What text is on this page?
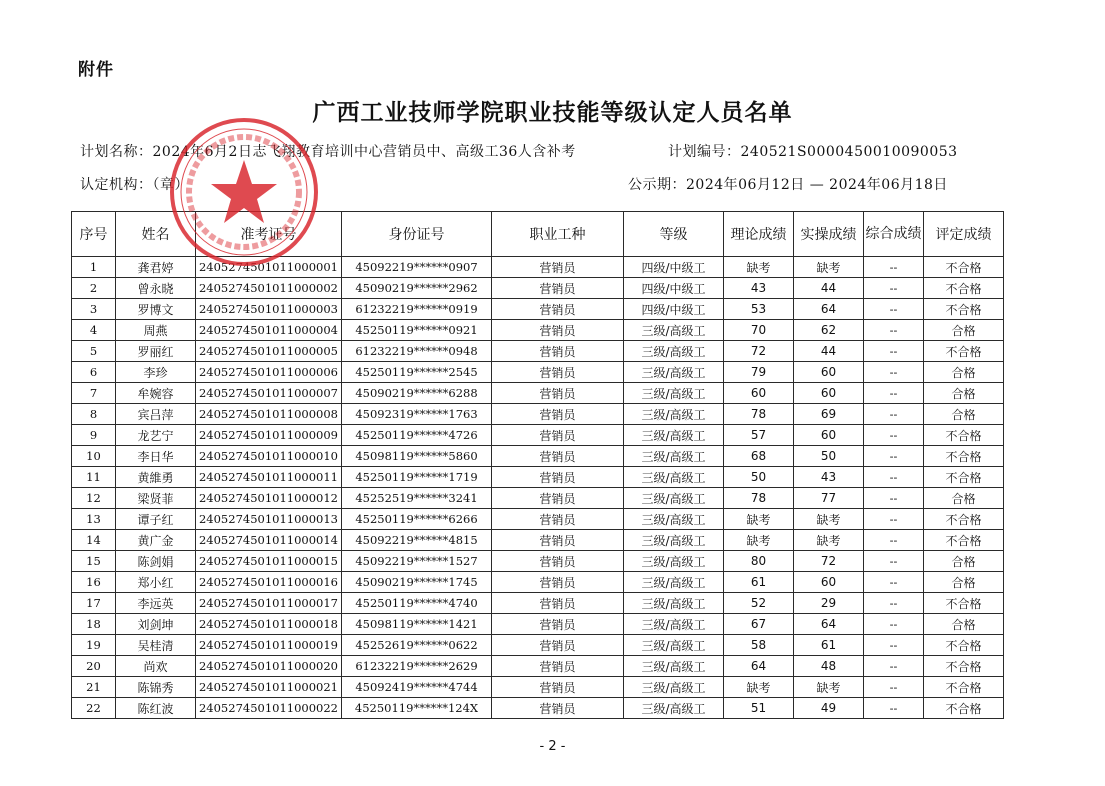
附件
广西工业技师学院职业技能等级认定人员名单
计划名称：2024年6月2日志飞翔教育培训中心营销员中、高级工36人含补考	计划编号：240521S0000450010090053
认定机构：（章）	公示期：2024年06月12日 — 2024年06月18日
序号	姓名	准考证号	身份证号	职业工种	等级	理论成绩	实操成绩	综合成绩	评定成绩
1	龚君婷	2405274501011000001	45092219******0907	营销员	四级/中级工	缺考	缺考	--	不合格
2	曾永晓	2405274501011000002	45090219******2962	营销员	四级/中级工	43	44	--	不合格
3	罗博文	2405274501011000003	61232219******0919	营销员	四级/中级工	53	64	--	不合格
4	周燕	2405274501011000004	45250119******0921	营销员	三级/高级工	70	62	--	合格
5	罗丽红	2405274501011000005	61232219******0948	营销员	三级/高级工	72	44	--	不合格
6	李珍	2405274501011000006	45250119******2545	营销员	三级/高级工	79	60	--	合格
7	牟婉容	2405274501011000007	45090219******6288	营销员	三级/高级工	60	60	--	合格
8	宾吕萍	2405274501011000008	45092319******1763	营销员	三级/高级工	78	69	--	合格
9	龙艺宁	2405274501011000009	45250119******4726	营销员	三级/高级工	57	60	--	不合格
10	李日华	2405274501011000010	45098119******5860	营销员	三级/高级工	68	50	--	不合格
11	黄維勇	2405274501011000011	45250119******1719	营销员	三级/高级工	50	43	--	不合格
12	梁贤菲	2405274501011000012	45252519******3241	营销员	三级/高级工	78	77	--	合格
13	谭子红	2405274501011000013	45250119******6266	营销员	三级/高级工	缺考	缺考	--	不合格
14	黄广金	2405274501011000014	45092219******4815	营销员	三级/高级工	缺考	缺考	--	不合格
15	陈剑娟	2405274501011000015	45092219******1527	营销员	三级/高级工	80	72	--	合格
16	郑小红	2405274501011000016	45090219******1745	营销员	三级/高级工	61	60	--	合格
17	李远英	2405274501011000017	45250119******4740	营销员	三级/高级工	52	29	--	不合格
18	刘剑坤	2405274501011000018	45098119******1421	营销员	三级/高级工	67	64	--	合格
19	吴桂清	2405274501011000019	45252619******0622	营销员	三级/高级工	58	61	--	不合格
20	尚欢	2405274501011000020	61232219******2629	营销员	三级/高级工	64	48	--	不合格
21	陈锦秀	2405274501011000021	45092419******4744	营销员	三级/高级工	缺考	缺考	--	不合格
22	陈红波	2405274501011000022	45250119******124X	营销员	三级/高级工	51	49	--	不合格
- 2 -
